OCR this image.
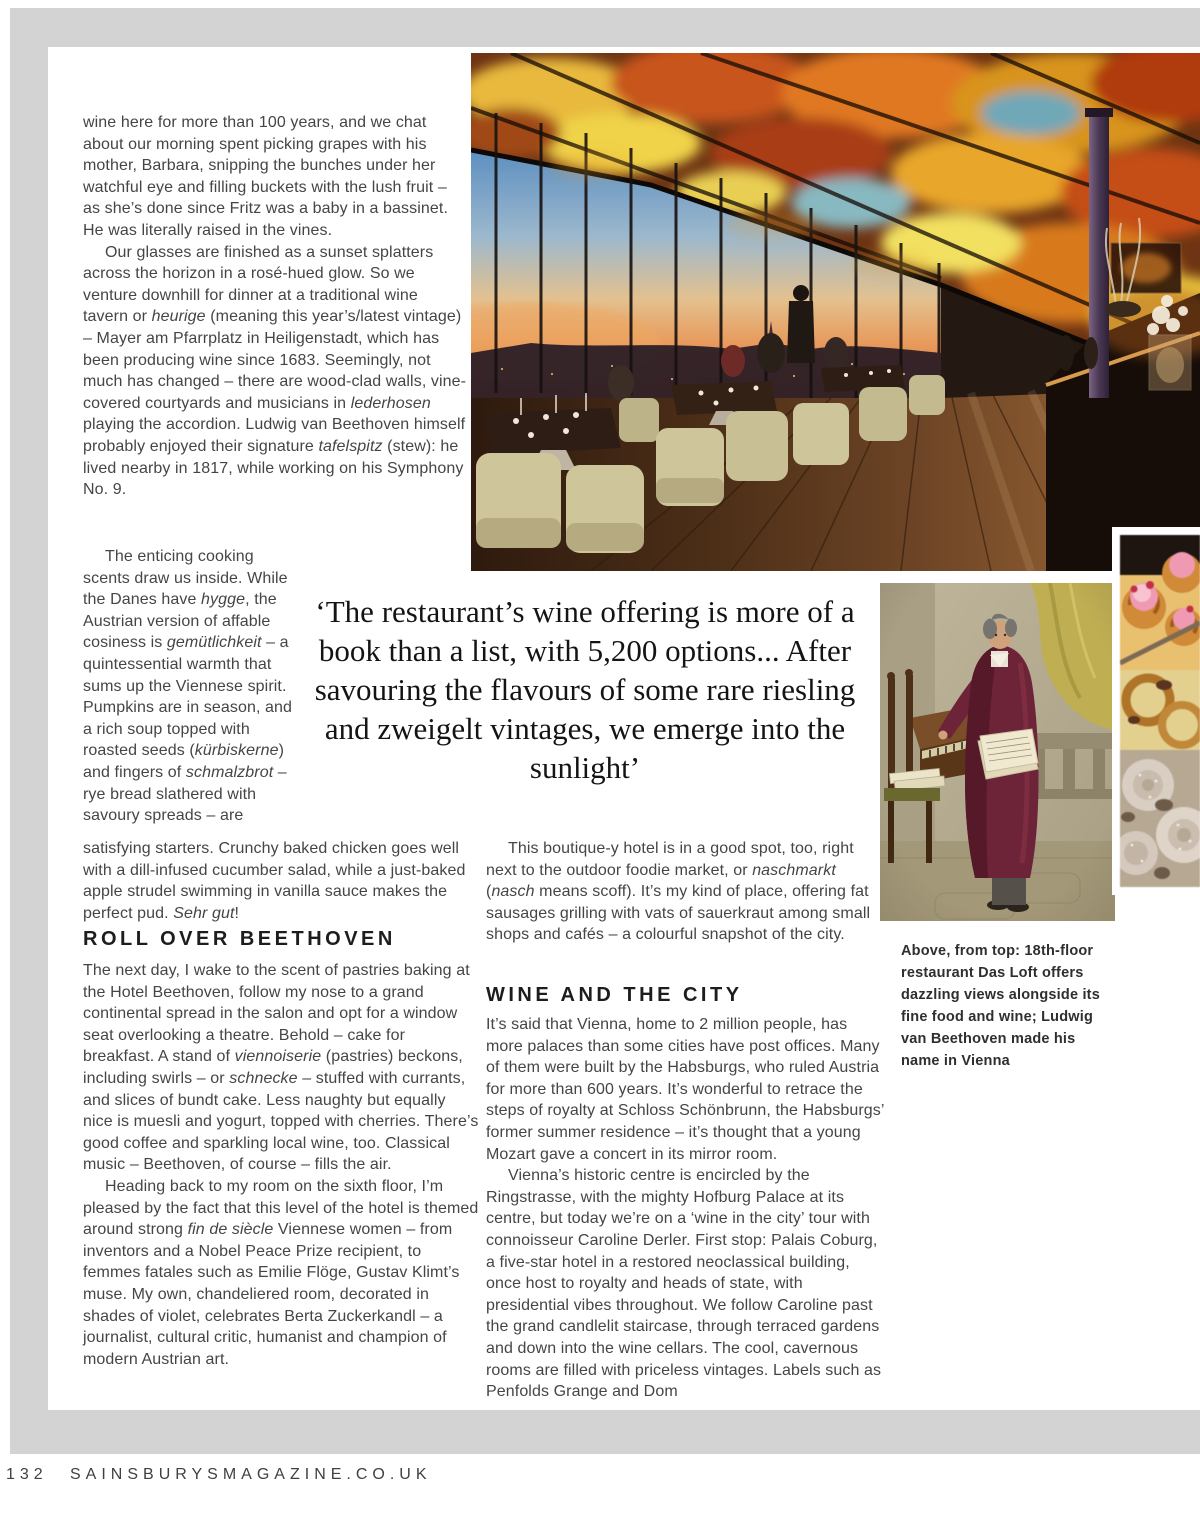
wine here for more than 100 years, and we chat about our morning spent picking grapes with his mother, Barbara, snipping the bunches under her watchful eye and filling buckets with the lush fruit – as she’s done since Fritz was a baby in a bassinet. He was literally raised in the vines.

Our glasses are finished as a sunset splatters across the horizon in a rosé-hued glow. So we venture downhill for dinner at a traditional wine tavern or heurige (meaning this year’s/latest vintage) – Mayer am Pfarrplatz in Heiligenstadt, which has been producing wine since 1683. Seemingly, not much has changed – there are wood-clad walls, vine-covered courtyards and musicians in lederhosen playing the accordion. Ludwig van Beethoven himself probably enjoyed their signature tafelspitz (stew): he lived nearby in 1817, while working on his Symphony No. 9.

The enticing cooking scents draw us inside. While the Danes have hygge, the Austrian version of affable cosiness is gemütlichkeit – a quintessential warmth that sums up the Viennese spirit. Pumpkins are in season, and a rich soup topped with roasted seeds (kürbiskerne) and fingers of schmalzbrot – rye bread slathered with savoury spreads – are

‘The restaurant’s wine offering is more of a book than a list, with 5,200 options... After savouring the flavours of some rare riesling and zweigelt vintages, we emerge into the sunlight’

satisfying starters. Crunchy baked chicken goes well with a dill-infused cucumber salad, while a just-baked apple strudel swimming in vanilla sauce makes the perfect pud. Sehr gut!

ROLL OVER BEETHOVEN

The next day, I wake to the scent of pastries baking at the Hotel Beethoven, follow my nose to a grand continental spread in the salon and opt for a window seat overlooking a theatre. Behold – cake for breakfast. A stand of viennoiserie (pastries) beckons, including swirls – or schnecke – stuffed with currants, and slices of bundt cake. Less naughty but equally nice is muesli and yogurt, topped with cherries. There’s good coffee and sparkling local wine, too. Classical music – Beethoven, of course – fills the air.

Heading back to my room on the sixth floor, I’m pleased by the fact that this level of the hotel is themed around strong fin de siècle Viennese women – from inventors and a Nobel Peace Prize recipient, to femmes fatales such as Emilie Flöge, Gustav Klimt’s muse. My own, chandeliered room, decorated in shades of violet, celebrates Berta Zuckerkandl – a journalist, cultural critic, humanist and champion of modern Austrian art.

This boutique-y hotel is in a good spot, too, right next to the outdoor foodie market, or naschmarkt (nasch means scoff). It’s my kind of place, offering fat sausages grilling with vats of sauerkraut among small shops and cafés – a colourful snapshot of the city.

WINE AND THE CITY

It’s said that Vienna, home to 2 million people, has more palaces than some cities have post offices. Many of them were built by the Habsburgs, who ruled Austria for more than 600 years. It’s wonderful to retrace the steps of royalty at Schloss Schönbrunn, the Habsburgs’ former summer residence – it’s thought that a young Mozart gave a concert in its mirror room.

Vienna’s historic centre is encircled by the Ringstrasse, with the mighty Hofburg Palace at its centre, but today we’re on a ‘wine in the city’ tour with connoisseur Caroline Derler. First stop: Palais Coburg, a five-star hotel in a restored neoclassical building, once host to royalty and heads of state, with presidential vibes throughout. We follow Caroline past the grand candlelit staircase, through terraced gardens and down into the wine cellars. The cool, cavernous rooms are filled with priceless vintages. Labels such as Penfolds Grange and Dom

Above, from top: 18th-floor restaurant Das Loft offers dazzling views alongside its fine food and wine; Ludwig van Beethoven made his name in Vienna
132 SAINSBURYSMAGAZINE.CO.UK
